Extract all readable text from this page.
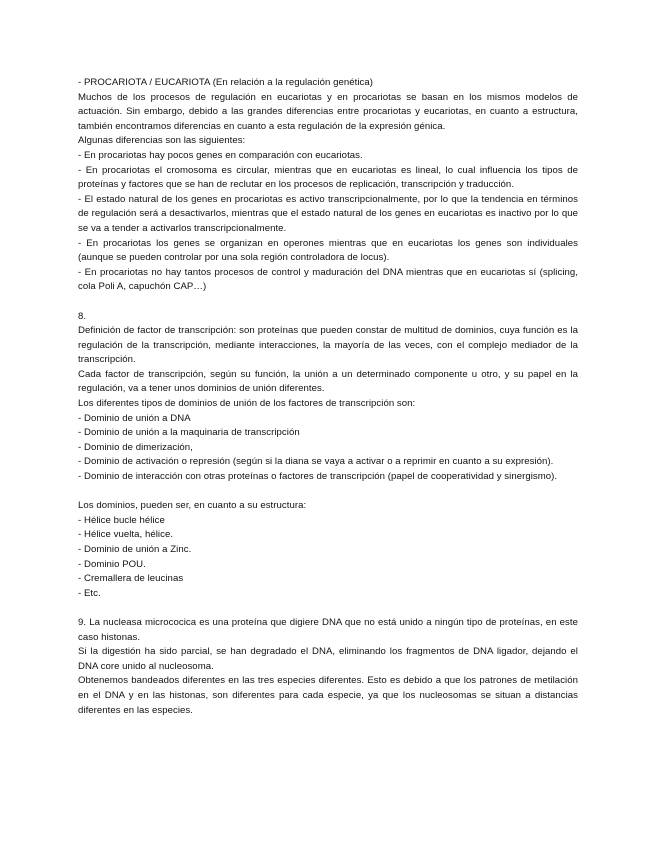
- PROCARIOTA / EUCARIOTA (En relación a la regulación genética)

Muchos de los procesos de regulación en eucariotas y en procariotas se basan en los mismos modelos de actuación. Sin embargo, debido a las grandes diferencias entre procariotas y eucariotas, en cuanto a estructura, también encontramos diferencias en cuanto a esta regulación de la expresión génica.

Algunas diferencias son las siguientes:

- En procariotas hay pocos genes en comparación con eucariotas.

- En procariotas el cromosoma es circular, mientras que en eucariotas es lineal, lo cual influencia los tipos de proteínas y factores que se han de reclutar en los procesos de replicación, transcripción y traducción.

- El estado natural de los genes en procariotas es activo transcripcionalmente, por lo que la tendencia en términos de regulación será a desactivarlos, mientras que el estado natural de los genes en eucariotas es inactivo por lo que se va a tender a activarlos transcripcionalmente.

- En procariotas los genes se organizan en operones mientras que en eucariotas los genes son individuales (aunque se pueden controlar por una sola región controladora de locus).

- En procariotas no hay tantos procesos de control y maduración del DNA mientras que en eucariotas sí (splicing, cola Poli A, capuchón CAP…)

8.

Definición de factor de transcripción: son proteínas que pueden constar de multitud de dominios, cuya función es la regulación de la transcripción, mediante interacciones, la mayoría de las veces, con el complejo mediador de la transcripción.

Cada factor de transcripción, según su función, la unión a un determinado componente u otro, y su papel en la regulación, va a tener unos dominios de unión diferentes.

Los diferentes tipos de dominios de unión de los factores de transcripción son:

- Dominio de unión a DNA

- Dominio de unión a la maquinaria de transcripción

- Dominio de dimerización,

- Dominio de activación o represión (según si la diana se vaya a activar o a reprimir en cuanto a su expresión).

- Dominio de interacción con otras proteínas o factores de transcripción (papel de cooperatividad y sinergismo).

Los dominios, pueden ser, en cuanto a su estructura:

- Hélice bucle hélice

- Hélice vuelta, hélice.

- Dominio de unión a Zinc.

- Dominio POU.

- Cremallera de leucinas

- Etc.

9. La nucleasa micrococica es una proteína que digiere DNA que no está unido a ningún tipo de proteínas, en este caso histonas.

Si la digestión ha sido parcial, se han degradado el DNA, eliminando los fragmentos de DNA ligador, dejando el DNA core unido al nucleosoma.

Obtenemos bandeados diferentes en las tres especies diferentes. Esto es debido a que los patrones de metilación en el DNA y en las histonas, son diferentes para cada especie, ya que los nucleosomas se situan a distancias diferentes en las especies.
